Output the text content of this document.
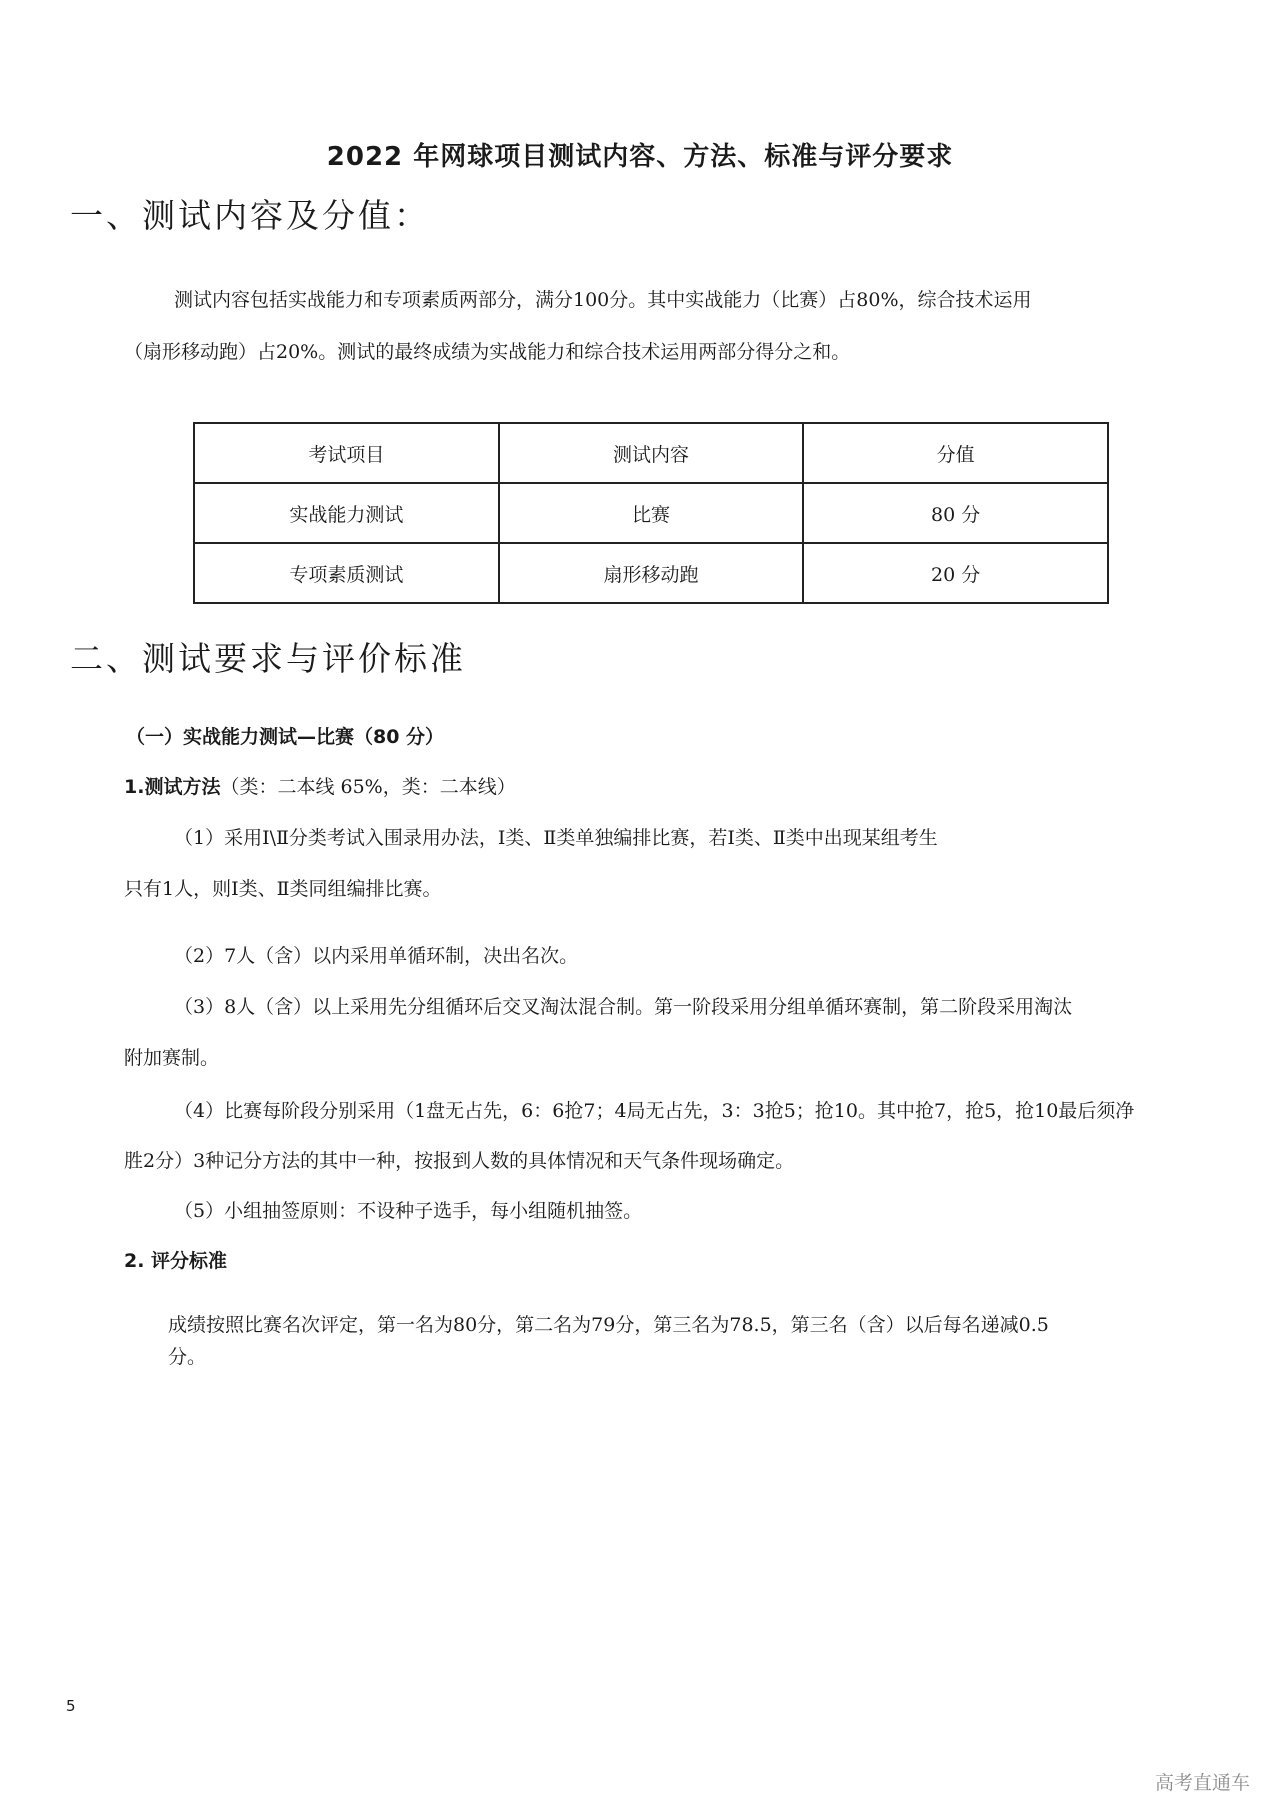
2022 年网球项目测试内容、方法、标准与评分要求
一、测试内容及分值：
测试内容包括实战能力和专项素质两部分，满分100分。其中实战能力（比赛）占80%，综合技术运用
（扇形移动跑）占20%。测试的最终成绩为实战能力和综合技术运用两部分得分之和。
考试项目	测试内容	分值
实战能力测试	比赛	80 分
专项素质测试	扇形移动跑	20 分
二、测试要求与评价标准
（一）实战能力测试—比赛（80 分）
1.测试方法（类：二本线 65%，类：二本线）
（1）采用Ⅰ\Ⅱ分类考试入围录用办法，Ⅰ类、Ⅱ类单独编排比赛，若Ⅰ类、Ⅱ类中出现某组考生
只有1人，则Ⅰ类、Ⅱ类同组编排比赛。
（2）7人（含）以内采用单循环制，决出名次。
（3）8人（含）以上采用先分组循环后交叉淘汰混合制。第一阶段采用分组单循环赛制，第二阶段采用淘汰
附加赛制。
（4）比赛每阶段分别采用（1盘无占先，6：6抢7；4局无占先，3：3抢5；抢10。其中抢7，抢5，抢10最后须净
胜2分）3种记分方法的其中一种，按报到人数的具体情况和天气条件现场确定。
（5）小组抽签原则：不设种子选手，每小组随机抽签。
2. 评分标准
成绩按照比赛名次评定，第一名为80分，第二名为79分，第三名为78.5，第三名（含）以后每名递减0.5
分。
5
高考直通车
